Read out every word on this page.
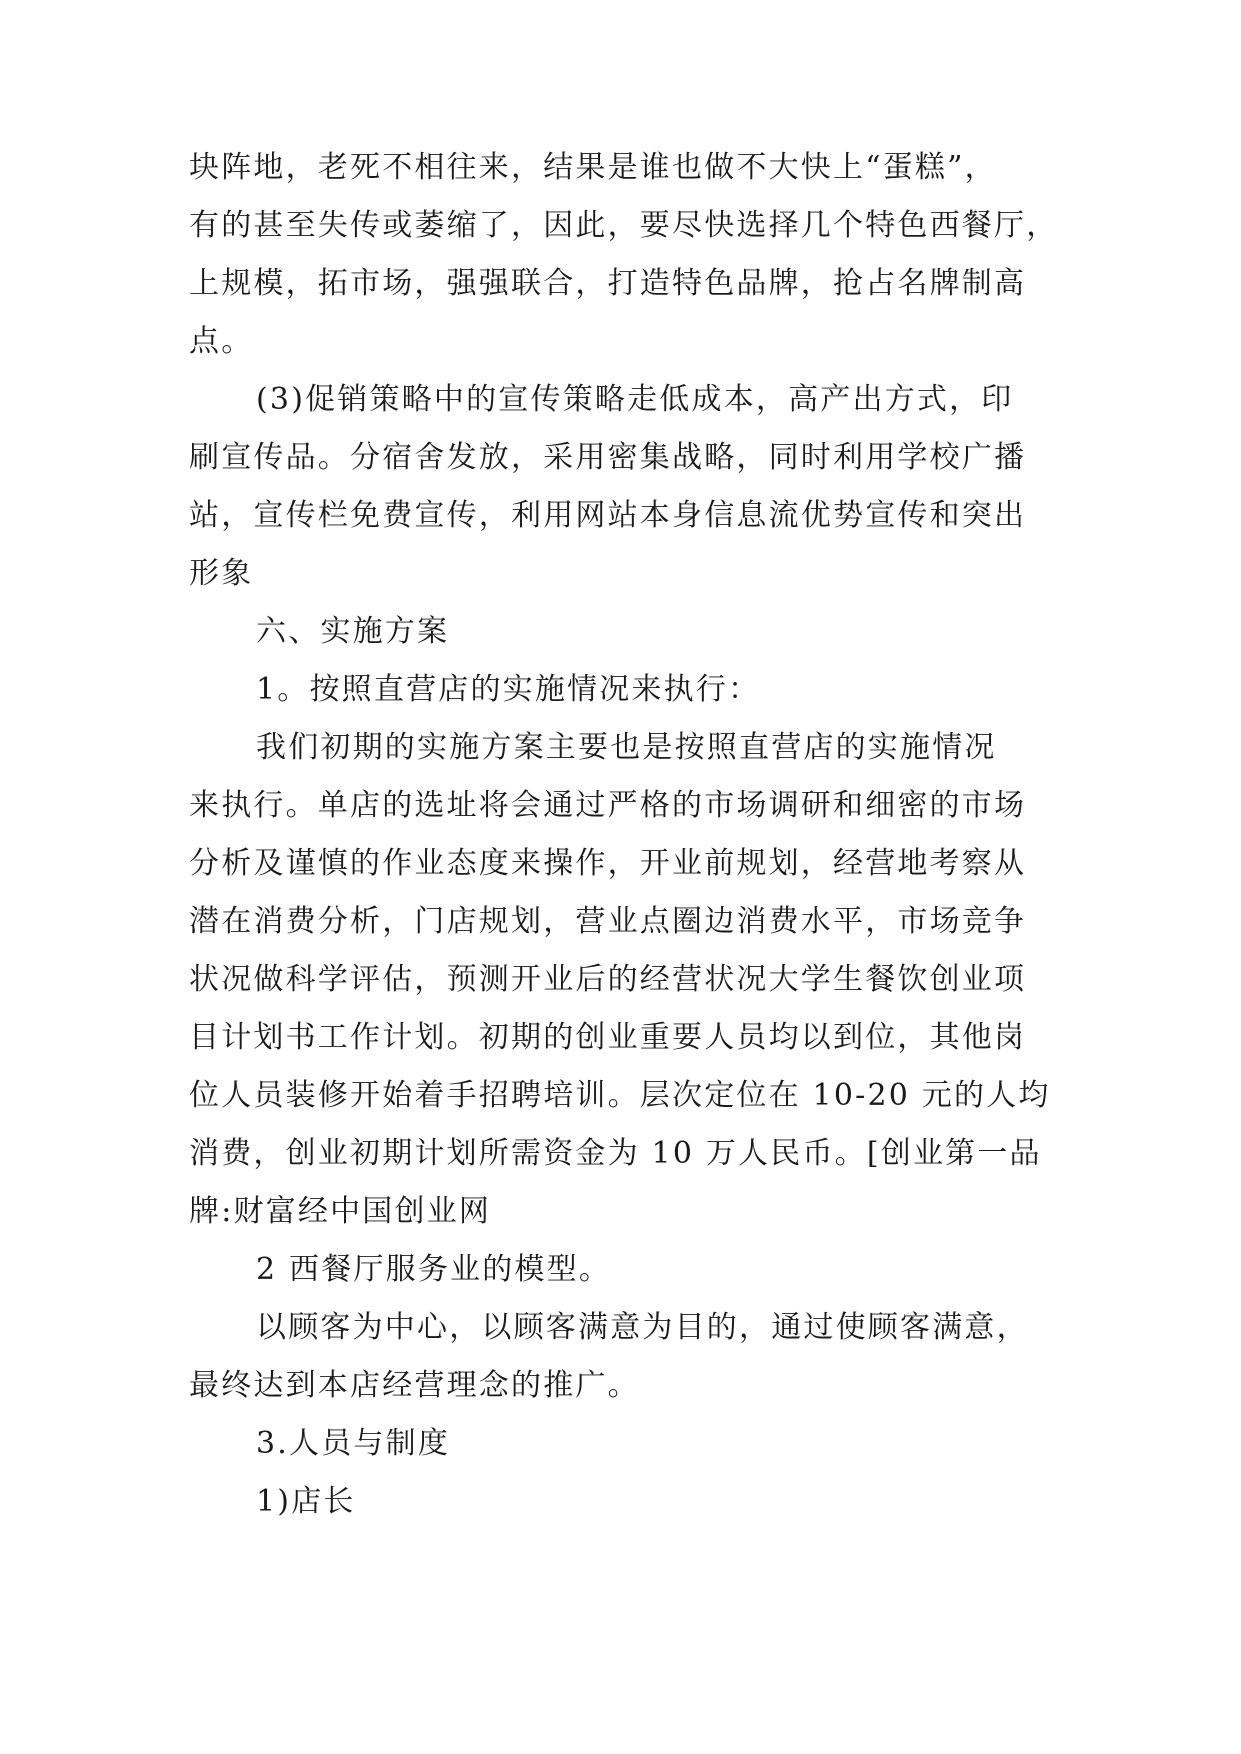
块阵地，老死不相往来，结果是谁也做不大快上“蛋糕”，
有的甚至失传或萎缩了，因此，要尽快选择几个特色西餐厅，
上规模，拓市场，强强联合，打造特色品牌，抢占名牌制高
点。
(3)促销策略中的宣传策略走低成本，高产出方式，印
刷宣传品。分宿舍发放，采用密集战略，同时利用学校广播
站，宣传栏免费宣传，利用网站本身信息流优势宣传和突出
形象
六、实施方案
1。按照直营店的实施情况来执行：
我们初期的实施方案主要也是按照直营店的实施情况
来执行。单店的选址将会通过严格的市场调研和细密的市场
分析及谨慎的作业态度来操作，开业前规划，经营地考察从
潜在消费分析，门店规划，营业点圈边消费水平，市场竞争
状况做科学评估，预测开业后的经营状况大学生餐饮创业项
目计划书工作计划。初期的创业重要人员均以到位，其他岗
位人员装修开始着手招聘培训。层次定位在 10-20 元的人均
消费，创业初期计划所需资金为 10 万人民币。[创业第一品
牌:财富经中国创业网
2 西餐厅服务业的模型。
以顾客为中心，以顾客满意为目的，通过使顾客满意，
最终达到本店经营理念的推广。
3.人员与制度
1)店长
